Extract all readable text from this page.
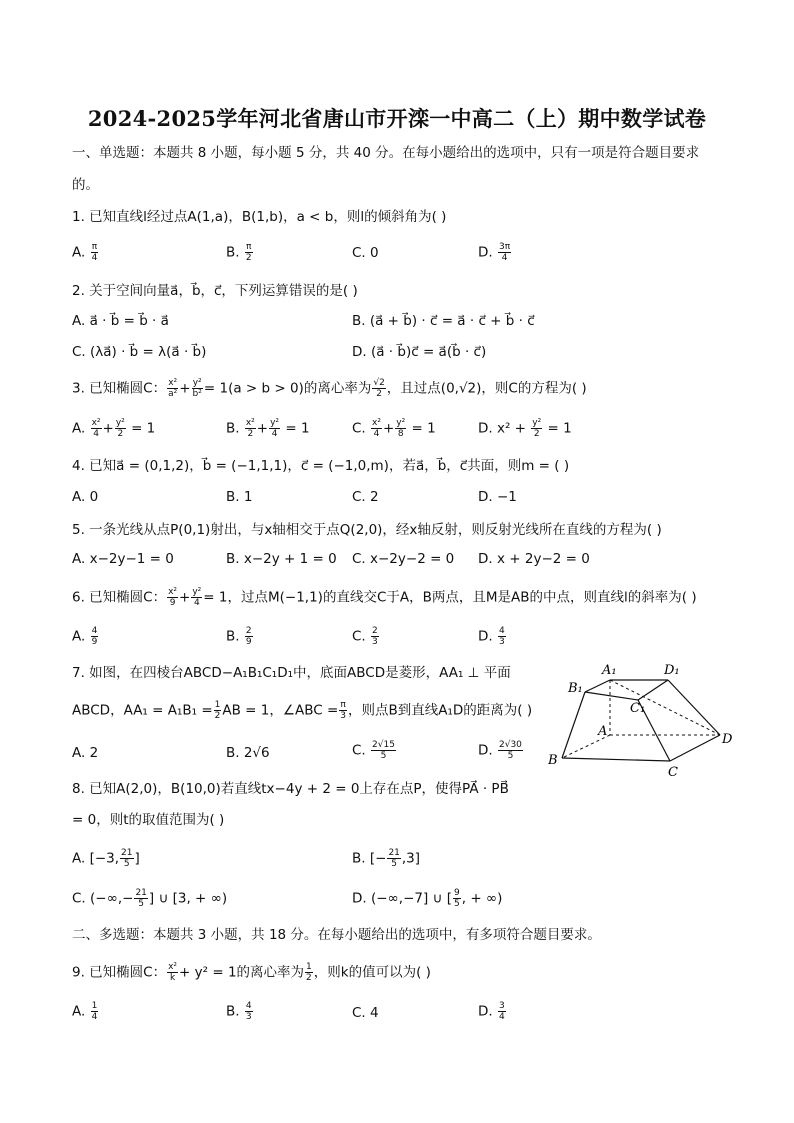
2024-2025学年河北省唐山市开滦一中高二（上）期中数学试卷
一、单选题：本题共 8 小题，每小题 5 分，共 40 分。在每小题给出的选项中，只有一项是符合题目要求
的。
1. 已知直线l经过点A(1,a)，B(1,b)，a < b，则l的倾斜角为( )
A. $\frac{\pi}{4}$	B. $\frac{\pi}{2}$	C. 0	D. $\frac{3\pi}{4}$
2. 关于空间向量a⃗，b⃗，c⃗，下列运算错误的是( )
A. a⃗ · b⃗ = b⃗ · a⃗	B. (a⃗ + b⃗) · c⃗ = a⃗ · c⃗ + b⃗ · c⃗
C. (λa⃗) · b⃗ = λ(a⃗ · b⃗)	D. (a⃗ · b⃗)c⃗ = a⃗(b⃗ · c⃗)
3. 已知椭圆C： $\frac{\text{x²}}{\text{a²}} + \frac{\text{y²}}{\text{b²}} = 1(a > b > 0)$的离心率为 $\frac{√2}{2}$ ，且过点(0,√2)，则C的方程为( )
A. $\frac{\text{x²}}{4} + \frac{\text{y²}}{2} = 1$	B. $\frac{\text{x²}}{2} + \frac{\text{y²}}{4} = 1$	C. $\frac{\text{x²}}{4} + \frac{\text{y²}}{8} = 1$	D. $x^2 + \frac{\text{y²}}{2} = 1$
4. 已知a⃗ = (0,1,2)，b⃗ = (−1,1,1)，c⃗ = (−1,0,m)，若a⃗，b⃗，c⃗共面，则m = ( )
A. 0	B. 1	C. 2	D. −1
5. 一条光线从点P(0,1)射出，与x轴相交于点Q(2,0)，经x轴反射，则反射光线所在直线的方程为( )
A. x−2y−1 = 0	B. x−2y + 1 = 0 C. x−2y−2 = 0 D. x + 2y−2 = 0
6. 已知椭圆C： $\frac{\text{x²}}{9} + \frac{\text{y²}}{4} = 1$，过点M(−1,1)的直线交C于A，B两点，且M是AB的中点，则直线l的斜率为( )
A. $\frac{4}{9}$	B. $\frac{2}{9}$	C. $\frac{2}{3}$	D. $\frac{4}{3}$
7. 如图，在四棱台ABCD−A₁B₁C₁D₁中，底面ABCD是菱形，AA₁ ⊥ 平面
ABCD，$AA_1 = A_1B_1 = \frac{1}{2}$ AB = 1，∠ABC = $\frac{\pi}{3}$ ，则点B到直线A₁D的距离为( )
A. 2	B. 2√6	C. $\frac{2√15}{5}$	D. $\frac{2√30}{5}$
A₁	D₁
B₁
C₁
A
B
C
D
8. 已知A(2,0)，B(10,0)若直线tx−4y + 2 = 0上存在点P，使得PA⃗ · PB⃗
= 0，则t的取值范围为( )
A. [−3, $\frac{21}{5}$ ]	B. [− $\frac{21}{5} ,3$]
C. (−∞,− $\frac{21}{5}$ ] ∪ [3, + ∞)	D. (−∞,−7] ∪ [ $\frac{9}{5}$ , + ∞)
二、多选题：本题共 3 小题，共 18 分。在每小题给出的选项中，有多项符合题目要求。
9. 已知椭圆C： $\frac{\text{x²}}{k} + y^2 = 1$的离心率为 $\frac{1}{2}$ ，则k的值可以为( )
A. $\frac{1}{4}$	B. $\frac{4}{3}$	C. 4	D. $\frac{3}{4}$
